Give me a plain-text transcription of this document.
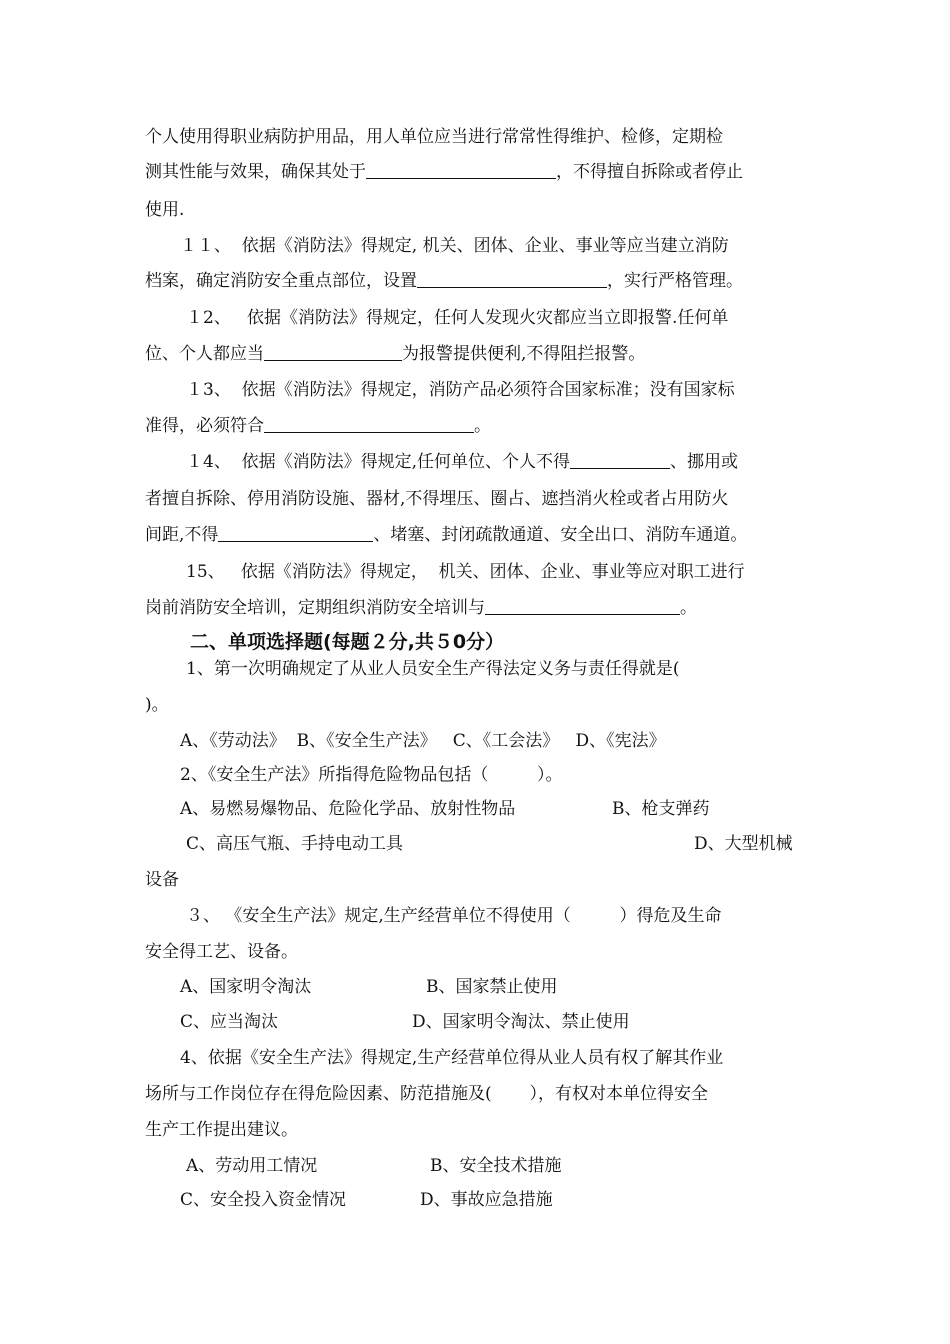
个人使用得职业病防护用品，用人单位应当进行常常性得维护、检修，定期检
测其性能与效果，确保其处于	，不得擅自拆除或者停止
使用.
１１、  依据《消防法》得规定, 机关、团体、企业、事业等应当建立消防
档案，确定消防安全重点部位，设置	，实行严格管理。
１2、   依据《消防法》得规定，任何人发现火灾都应当立即报警.任何单
位、个人都应当	为报警提供便利,不得阻拦报警。
１3、  依据《消防法》得规定，消防产品必须符合国家标准；没有国家标
准得，必须符合	。
１4、  依据《消防法》得规定,任何单位、个人不得	、挪用或
者擅自拆除、停用消防设施、器材,不得埋压、圈占、遮挡消火栓或者占用防火
间距,不得	、堵塞、封闭疏散通道、安全出口、消防车通道。
15、   依据《消防法》得规定，  机关、团体、企业、事业等应对职工进行
岗前消防安全培训，定期组织消防安全培训与	。
二、单项选择题(每题２分,共５0分）
1、第一次明确规定了从业人员安全生产得法定义务与责任得就是(
)。
A、《劳动法》  B、《安全生产法》   C、《工会法》   D、《宪法》
2、《安全生产法》所指得危险物品包括（         ）。
A、易燃易爆物品、危险化学品、放射性物品	B、枪支弹药
C、高压气瓶、手持电动工具	D、大型机械
设备
３、 《安全生产法》规定,生产经营单位不得使用（         ）得危及生命
安全得工艺、设备。
A、国家明令淘汰	B、国家禁止使用
C、应当淘汰	D、国家明令淘汰、禁止使用
4、依据《安全生产法》得规定,生产经营单位得从业人员有权了解其作业
场所与工作岗位存在得危险因素、防范措施及(       ），有权对本单位得安全
生产工作提出建议。
A、劳动用工情况	B、安全技术措施
C、安全投入资金情况	D、事故应急措施
